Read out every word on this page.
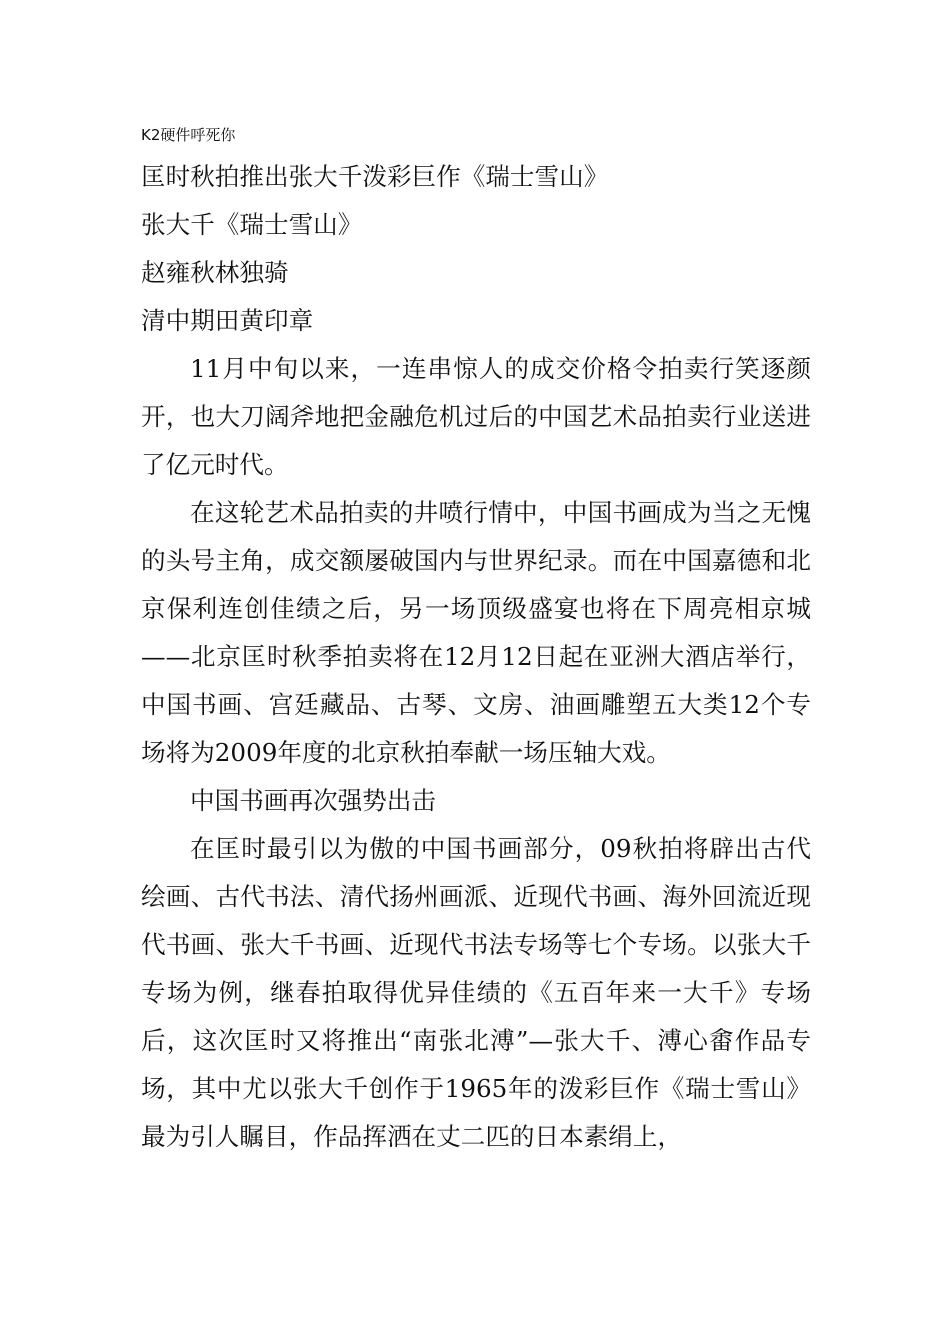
K2硬件呼死你

匡时秋拍推出张大千泼彩巨作《瑞士雪山》

张大千《瑞士雪山》

赵雍秋林独骑

清中期田黄印章

11月中旬以来，一连串惊人的成交价格令拍卖行笑逐颜开，也大刀阔斧地把金融危机过后的中国艺术品拍卖行业送进了亿元时代。

在这轮艺术品拍卖的井喷行情中，中国书画成为当之无愧的头号主角，成交额屡破国内与世界纪录。而在中国嘉德和北京保利连创佳绩之后，另一场顶级盛宴也将在下周亮相京城——北京匡时秋季拍卖将在12月12日起在亚洲大酒店举行，中国书画、宫廷藏品、古琴、文房、油画雕塑五大类12个专场将为2009年度的北京秋拍奉献一场压轴大戏。

中国书画再次强势出击

在匡时最引以为傲的中国书画部分，09秋拍将辟出古代绘画、古代书法、清代扬州画派、近现代书画、海外回流近现代书画、张大千书画、近现代书法专场等七个专场。以张大千专场为例，继春拍取得优异佳绩的《五百年来一大千》专场后，这次匡时又将推出“南张北溥”—张大千、溥心畬作品专场，其中尤以张大千创作于1965年的泼彩巨作《瑞士雪山》最为引人瞩目，作品挥洒在丈二匹的日本素绢上，
